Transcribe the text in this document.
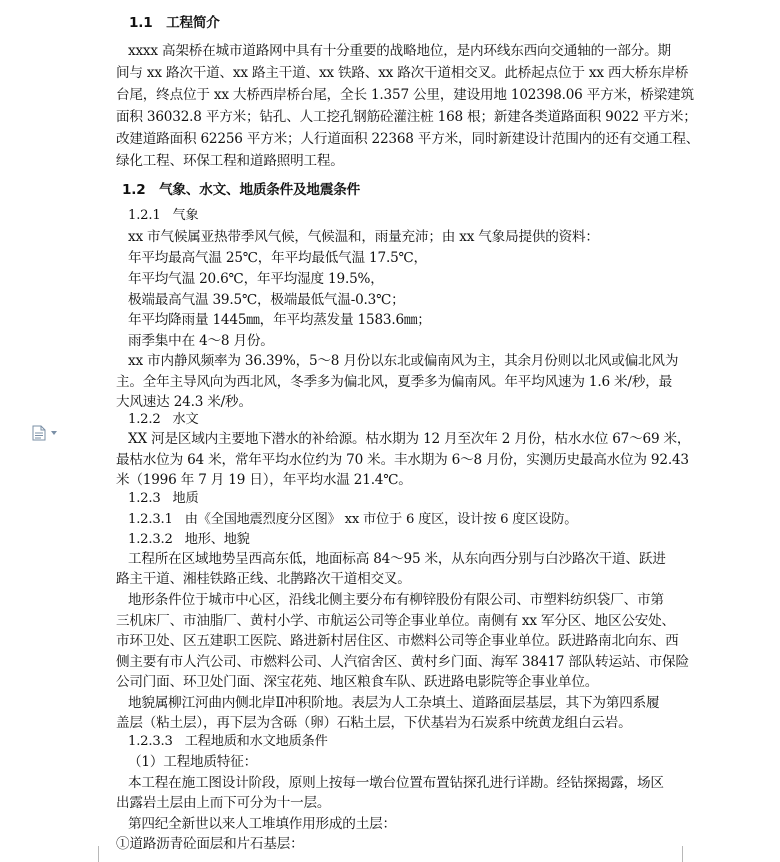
1.1 工程简介
xxxx 高架桥在城市道路网中具有十分重要的战略地位，是内环线东西向交通轴的一部分。期
间与 xx 路次干道、xx 路主干道、xx 铁路、xx 路次干道相交叉。此桥起点位于 xx 西大桥东岸桥
台尾，终点位于 xx 大桥西岸桥台尾，全长 1.357 公里，建设用地 102398.06 平方米，桥梁建筑
面积 36032.8 平方米；钻孔、人工挖孔钢筋砼灌注桩 168 根；新建各类道路面积 9022 平方米；
改建道路面积 62256 平方米；人行道面积 22368 平方米，同时新建设计范围内的还有交通工程、
绿化工程、环保工程和道路照明工程。
1.2 气象、水文、地质条件及地震条件
1.2.1 气象
xx 市气候属亚热带季风气候，气候温和，雨量充沛；由 xx 气象局提供的资料：
年平均最高气温 25℃，年平均最低气温 17.5℃，
年平均气温 20.6℃，年平均湿度 19.5%，
极端最高气温 39.5℃，极端最低气温-0.3℃；
年平均降雨量 1445㎜，年平均蒸发量 1583.6㎜；
雨季集中在 4～8 月份。
xx 市内静风频率为 36.39%，5～8 月份以东北或偏南风为主，其余月份则以北风或偏北风为
主。全年主导风向为西北风，冬季多为偏北风，夏季多为偏南风。年平均风速为 1.6 米/秒，最
大风速达 24.3 米/秒。
1.2.2 水文
XX 河是区域内主要地下潜水的补给源。枯水期为 12 月至次年 2 月份，枯水水位 67～69 米，
最枯水位为 64 米，常年平均水位约为 70 米。丰水期为 6～8 月份，实测历史最高水位为 92.43
米（1996 年 7 月 19 日），年平均水温 21.4℃。
1.2.3 地质
1.2.3.1 由《全国地震烈度分区图》 xx 市位于 6 度区，设计按 6 度区设防。
1.2.3.2 地形、地貌
工程所在区域地势呈西高东低，地面标高 84～95 米，从东向西分别与白沙路次干道、跃进
路主干道、湘桂铁路正线、北鹊路次干道相交叉。
地形条件位于城市中心区，沿线北侧主要分布有柳锌股份有限公司、市塑料纺织袋厂、市第
三机床厂、市油脂厂、黄村小学、市航运公司等企事业单位。南侧有 xx 军分区、地区公安处、
市环卫处、区五建职工医院、路进新村居住区、市燃料公司等企事业单位。跃进路南北向东、西
侧主要有市人汽公司、市燃料公司、人汽宿舍区、黄村乡门面、海军 38417 部队转运站、市保险
公司门面、环卫处门面、深宝花苑、地区粮食车队、跃进路电影院等企事业单位。
地貌属柳江河曲内侧北岸Ⅱ冲积阶地。表层为人工杂填土、道路面层基层，其下为第四系履
盖层（粘土层），再下层为含砾（卵）石粘土层，下伏基岩为石炭系中统黄龙组白云岩。
1.2.3.3 工程地质和水文地质条件
（1）工程地质特征：
本工程在施工图设计阶段，原则上按每一墩台位置布置钻探孔进行详勘。经钻探揭露，场区
出露岩土层由上而下可分为十一层。
第四纪全新世以来人工堆填作用形成的土层：
①道路沥青砼面层和片石基层：
